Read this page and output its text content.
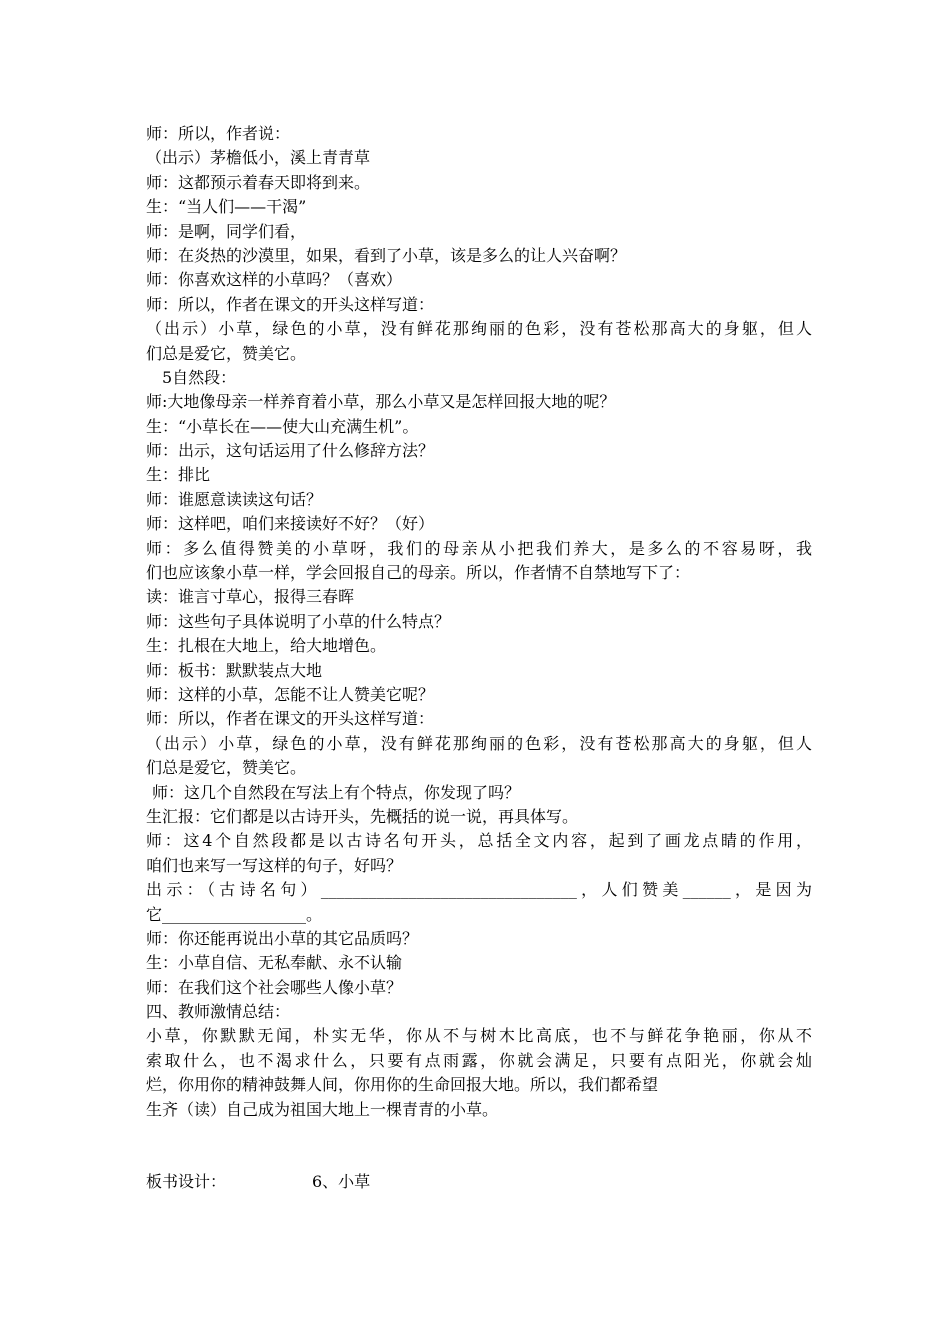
师：所以，作者说：
（出示）茅檐低小，溪上青青草
师：这都预示着春天即将到来。
生：“当人们——干渴”
师：是啊，同学们看，
师：在炎热的沙漠里，如果，看到了小草，该是多么的让人兴奋啊？
师：你喜欢这样的小草吗？（喜欢）
师：所以，作者在课文的开头这样写道：
（出示）小草，绿色的小草，没有鲜花那绚丽的色彩，没有苍松那高大的身躯，但人
们总是爱它，赞美它。
5自然段：
师:大地像母亲一样养育着小草，那么小草又是怎样回报大地的呢？
生：“小草长在——使大山充满生机”。
师：出示，这句话运用了什么修辞方法？
生：排比
师：谁愿意读读这句话？
师：这样吧，咱们来接读好不好？（好）
师：多么值得赞美的小草呀，我们的母亲从小把我们养大，是多么的不容易呀，我
们也应该象小草一样，学会回报自己的母亲。所以，作者情不自禁地写下了：
读：谁言寸草心，报得三春晖
师：这些句子具体说明了小草的什么特点？
生：扎根在大地上，给大地增色。
师：板书：默默装点大地
师：这样的小草，怎能不让人赞美它呢？
师：所以，作者在课文的开头这样写道：
（出示）小草，绿色的小草，没有鲜花那绚丽的色彩，没有苍松那高大的身躯，但人
们总是爱它，赞美它。
师：这几个自然段在写法上有个特点，你发现了吗？
生汇报：它们都是以古诗开头，先概括的说一说，再具体写。
师：这4个自然段都是以古诗名句开头，总括全文内容，起到了画龙点睛的作用，
咱们也来写一写这样的句子，好吗？
出示：（古诗名句）________________________________，人们赞美______，是因为
它__________________。
师：你还能再说出小草的其它品质吗？
生：小草自信、无私奉献、永不认输
师：在我们这个社会哪些人像小草？
四、教师激情总结：
小草，你默默无闻，朴实无华，你从不与树木比高底，也不与鲜花争艳丽，你从不
索取什么，也不渴求什么，只要有点雨露，你就会满足，只要有点阳光，你就会灿
烂，你用你的精神鼓舞人间，你用你的生命回报大地。所以，我们都希望
生齐（读）自己成为祖国大地上一棵青青的小草。
板书设计：	6、小草
